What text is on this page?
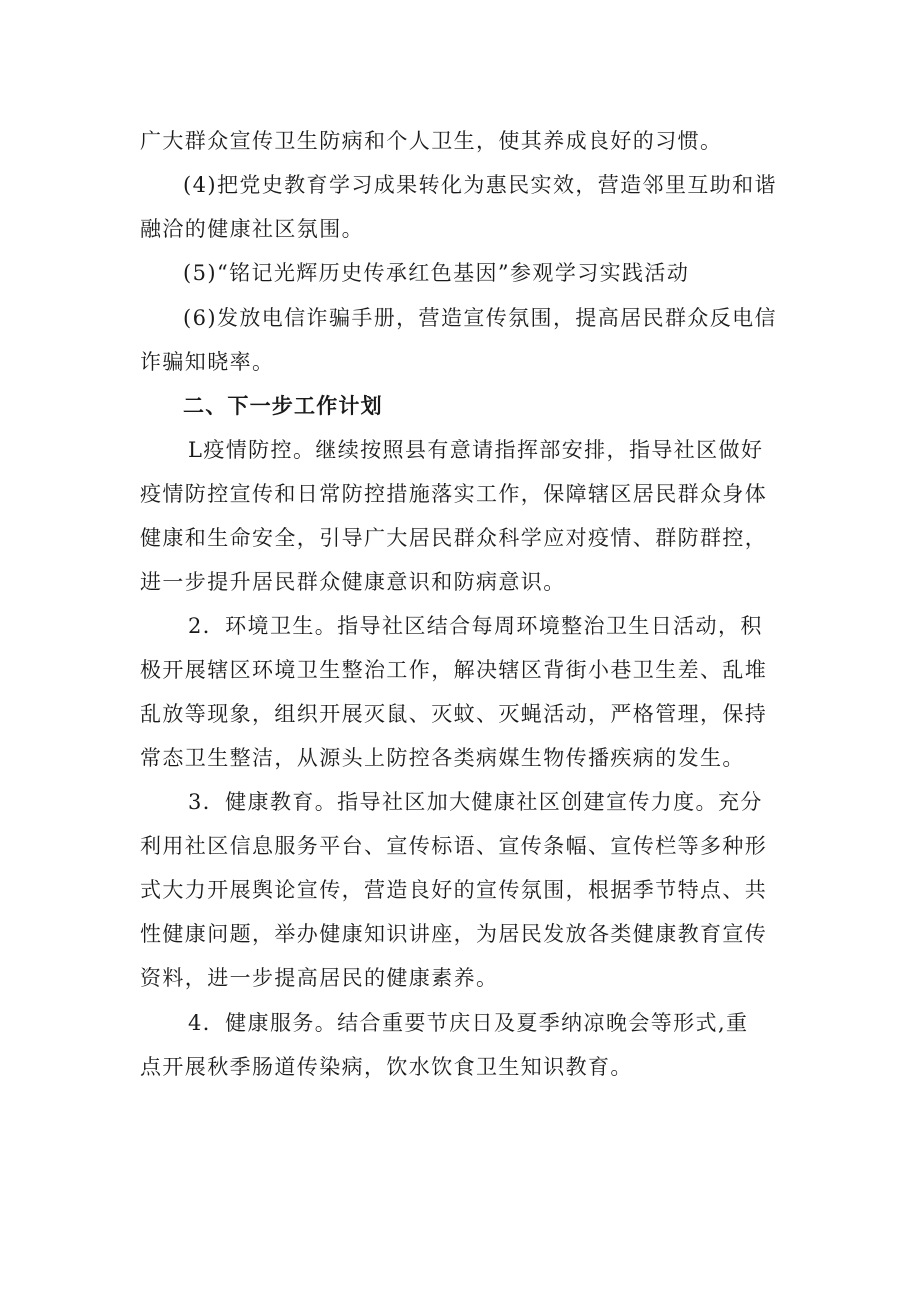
广大群众宣传卫生防病和个人卫生，使其养成良好的习惯。
(4)把党史教育学习成果转化为惠民实效，营造邻里互助和谐
融洽的健康社区氛围。
(5)“铭记光辉历史传承红色基因”参观学习实践活动
(6)发放电信诈骗手册，营造宣传氛围，提高居民群众反电信
诈骗知晓率。
二、下一步工作计划
L疫情防控。继续按照县有意请指挥部安排，指导社区做好
疫情防控宣传和日常防控措施落实工作，保障辖区居民群众身体
健康和生命安全，引导广大居民群众科学应对疫情、群防群控，
进一步提升居民群众健康意识和防病意识。
2．环境卫生。指导社区结合每周环境整治卫生日活动，积
极开展辖区环境卫生整治工作，解决辖区背街小巷卫生差、乱堆
乱放等现象，组织开展灭鼠、灭蚊、灭蝇活动，严格管理，保持
常态卫生整洁，从源头上防控各类病媒生物传播疾病的发生。
3．健康教育。指导社区加大健康社区创建宣传力度。充分
利用社区信息服务平台、宣传标语、宣传条幅、宣传栏等多种形
式大力开展舆论宣传，营造良好的宣传氛围，根据季节特点、共
性健康问题，举办健康知识讲座，为居民发放各类健康教育宣传
资料，进一步提高居民的健康素养。
4．健康服务。结合重要节庆日及夏季纳凉晚会等形式,重
点开展秋季肠道传染病，饮水饮食卫生知识教育。
